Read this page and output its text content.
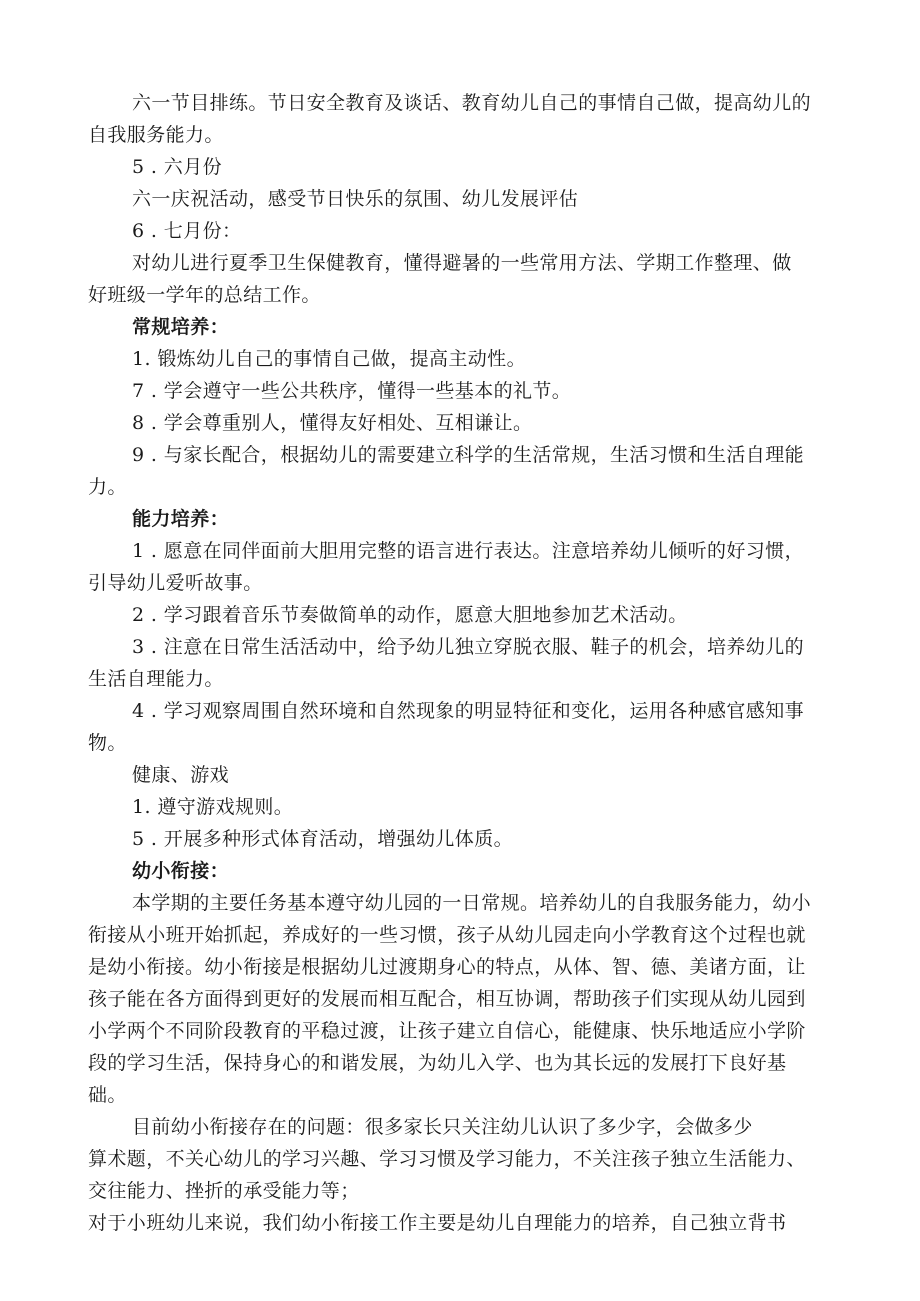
六一节目排练。节日安全教育及谈话、教育幼儿自己的事情自己做，提高幼儿的
自我服务能力。
5 . 六月份
六一庆祝活动，感受节日快乐的氛围、幼儿发展评估
6 . 七月份：
对幼儿进行夏季卫生保健教育，懂得避暑的一些常用方法、学期工作整理、做
好班级一学年的总结工作。
常规培养：
1. 锻炼幼儿自己的事情自己做，提高主动性。
7 . 学会遵守一些公共秩序，懂得一些基本的礼节。
8 . 学会尊重别人，懂得友好相处、互相谦让。
9 . 与家长配合，根据幼儿的需要建立科学的生活常规，生活习惯和生活自理能
力。
能力培养：
1 . 愿意在同伴面前大胆用完整的语言进行表达。注意培养幼儿倾听的好习惯，
引导幼儿爱听故事。
2 . 学习跟着音乐节奏做简单的动作，愿意大胆地参加艺术活动。
3 . 注意在日常生活活动中，给予幼儿独立穿脱衣服、鞋子的机会，培养幼儿的
生活自理能力。
4 . 学习观察周围自然环境和自然现象的明显特征和变化，运用各种感官感知事
物。
健康、游戏
1. 遵守游戏规则。
5 . 开展多种形式体育活动，增强幼儿体质。
幼小衔接：
本学期的主要任务基本遵守幼儿园的一日常规。培养幼儿的自我服务能力，幼小
衔接从小班开始抓起，养成好的一些习惯，孩子从幼儿园走向小学教育这个过程也就
是幼小衔接。幼小衔接是根据幼儿过渡期身心的特点，从体、智、德、美诸方面，让
孩子能在各方面得到更好的发展而相互配合，相互协调，帮助孩子们实现从幼儿园到
小学两个不同阶段教育的平稳过渡，让孩子建立自信心，能健康、快乐地适应小学阶
段的学习生活，保持身心的和谐发展，为幼儿入学、也为其长远的发展打下良好基
础。
目前幼小衔接存在的问题：很多家长只关注幼儿认识了多少字，会做多少
算术题，不关心幼儿的学习兴趣、学习习惯及学习能力，不关注孩子独立生活能力、
交往能力、挫折的承受能力等；
对于小班幼儿来说，我们幼小衔接工作主要是幼儿自理能力的培养，自己独立背书
